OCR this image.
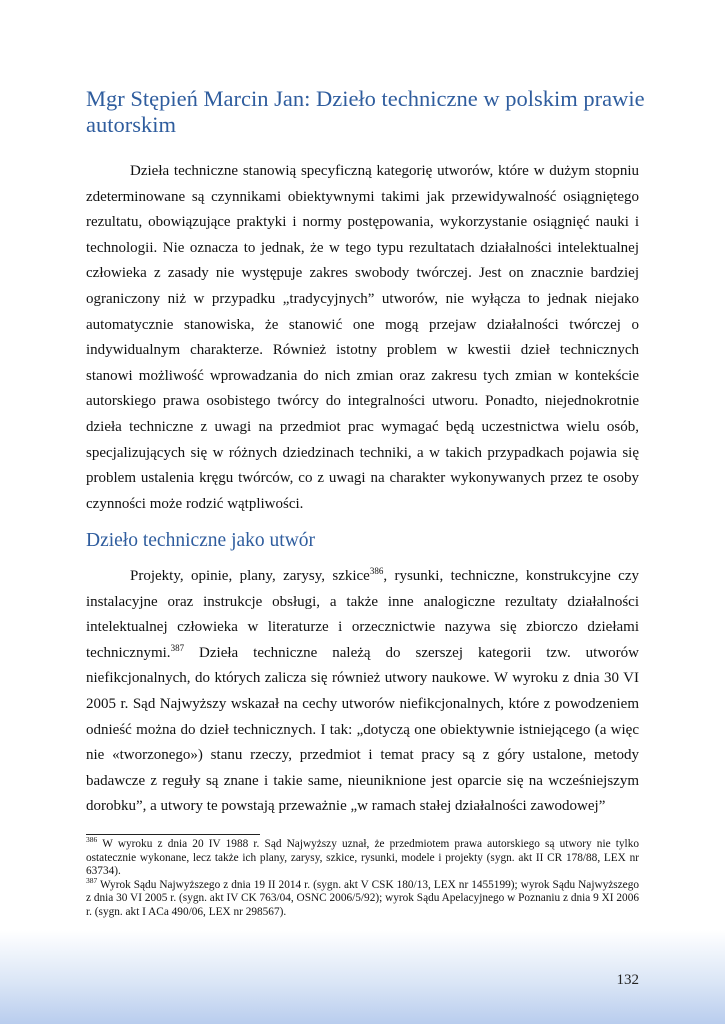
Mgr Stępień Marcin Jan: Dzieło techniczne w polskim prawie autorskim

Dzieła techniczne stanowią specyficzną kategorię utworów, które w dużym stopniu zdeterminowane są czynnikami obiektywnymi takimi jak przewidywalność osiągniętego rezultatu, obowiązujące praktyki i normy postępowania, wykorzystanie osiągnięć nauki i technologii. Nie oznacza to jednak, że w tego typu rezultatach działalności intelektualnej człowieka z zasady nie występuje zakres swobody twórczej. Jest on znacznie bardziej ograniczony niż w przypadku „tradycyjnych” utworów, nie wyłącza to jednak niejako automatycznie stanowiska, że stanowić one mogą przejaw działalności twórczej o indywidualnym charakterze. Również istotny problem w kwestii dzieł technicznych stanowi możliwość wprowadzania do nich zmian oraz zakresu tych zmian w kontekście autorskiego prawa osobistego twórcy do integralności utworu. Ponadto, niejednokrotnie dzieła techniczne z uwagi na przedmiot prac wymagać będą uczestnictwa wielu osób, specjalizujących się w różnych dziedzinach techniki, a w takich przypadkach pojawia się problem ustalenia kręgu twórców, co z uwagi na charakter wykonywanych przez te osoby czynności może rodzić wątpliwości.

Dzieło techniczne jako utwór

Projekty, opinie, plany, zarysy, szkice$^{386}$, rysunki, techniczne, konstrukcyjne czy instalacyjne oraz instrukcje obsługi, a także inne analogiczne rezultaty działalności intelektualnej człowieka w literaturze i orzecznictwie nazywa się zbiorczo dziełami technicznymi.$^{387}$ Dzieła techniczne należą do szerszej kategorii tzw. utworów niefikcjonalnych, do których zalicza się również utwory naukowe. W wyroku z dnia 30 VI 2005 r. Sąd Najwyższy wskazał na cechy utworów niefikcjonalnych, które z powodzeniem odnieść można do dzieł technicznych. I tak: „dotyczą one obiektywnie istniejącego (a więc nie «tworzonego») stanu rzeczy, przedmiot i temat pracy są z góry ustalone, metody badawcze z reguły są znane i takie same, nieuniknione jest oparcie się na wcześniejszym dorobku”, a utwory te powstają przeważnie „w ramach stałej działalności zawodowej”

$^{386}$ W wyroku z dnia 20 IV 1988 r. Sąd Najwyższy uznał, że przedmiotem prawa autorskiego są utwory nie tylko ostatecznie wykonane, lecz także ich plany, zarysy, szkice, rysunki, modele i projekty (sygn. akt II CR 178/88, LEX nr 63734).

$^{387}$ Wyrok Sądu Najwyższego z dnia 19 II 2014 r. (sygn. akt V CSK 180/13, LEX nr 1455199); wyrok Sądu Najwyższego z dnia 30 VI 2005 r. (sygn. akt IV CK 763/04, OSNC 2006/5/92); wyrok Sądu Apelacyjnego w Poznaniu z dnia 9 XI 2006 r. (sygn. akt I ACa 490/06, LEX nr 298567).

132
